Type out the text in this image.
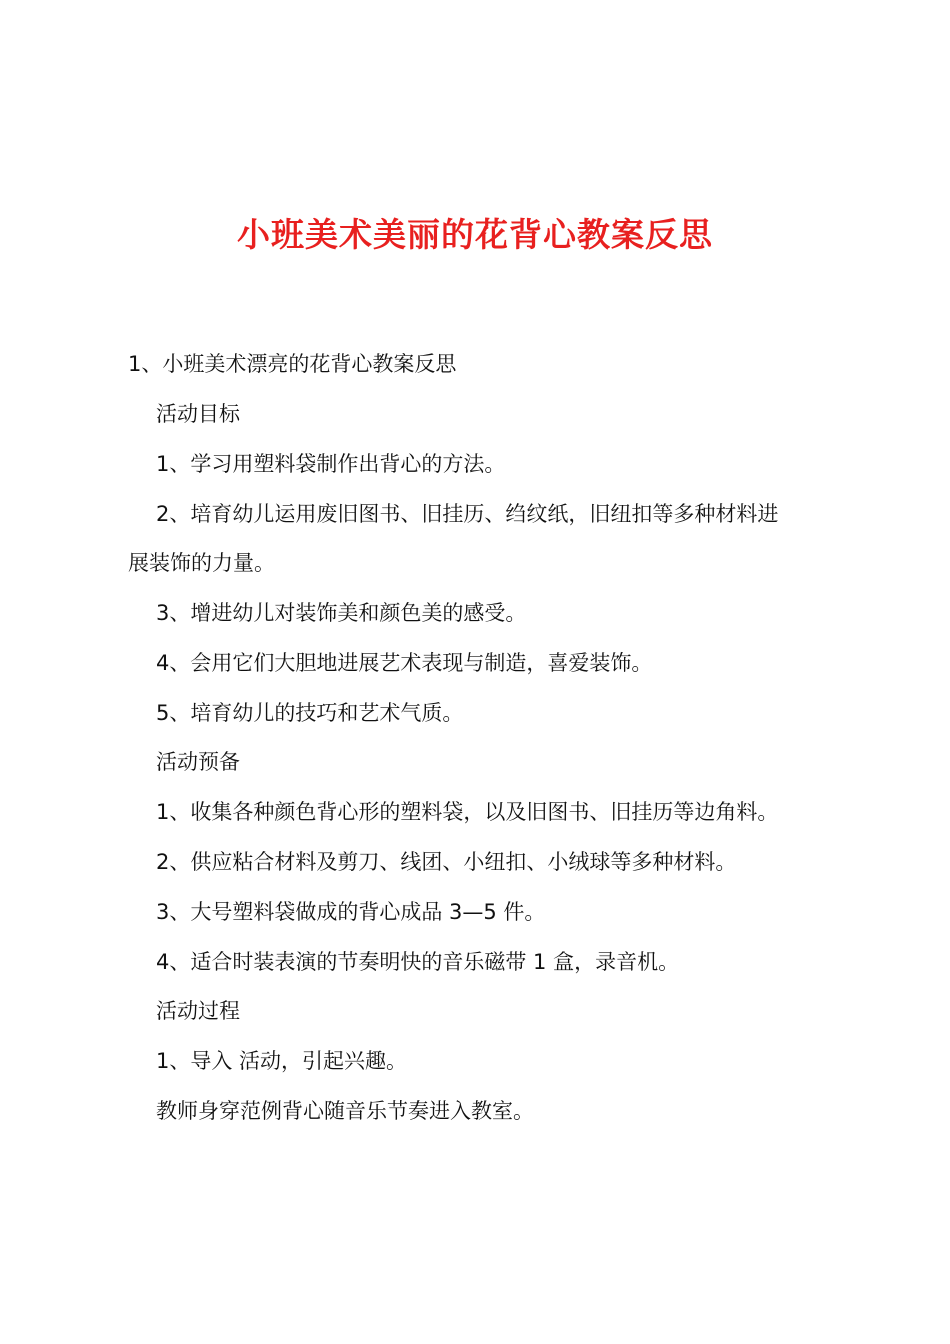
小班美术美丽的花背心教案反思
1、小班美术漂亮的花背心教案反思
活动目标
1、学习用塑料袋制作出背心的方法。
2、培育幼儿运用废旧图书、旧挂历、绉纹纸，旧纽扣等多种材料进
展装饰的力量。
3、增进幼儿对装饰美和颜色美的感受。
4、会用它们大胆地进展艺术表现与制造，喜爱装饰。
5、培育幼儿的技巧和艺术气质。
活动预备
1、收集各种颜色背心形的塑料袋，以及旧图书、旧挂历等边角料。
2、供应粘合材料及剪刀、线团、小纽扣、小绒球等多种材料。
3、大号塑料袋做成的背心成品 3—5 件。
4、适合时装表演的节奏明快的音乐磁带 1 盒，录音机。
活动过程
1、导入 活动，引起兴趣。
教师身穿范例背心随音乐节奏进入教室。
